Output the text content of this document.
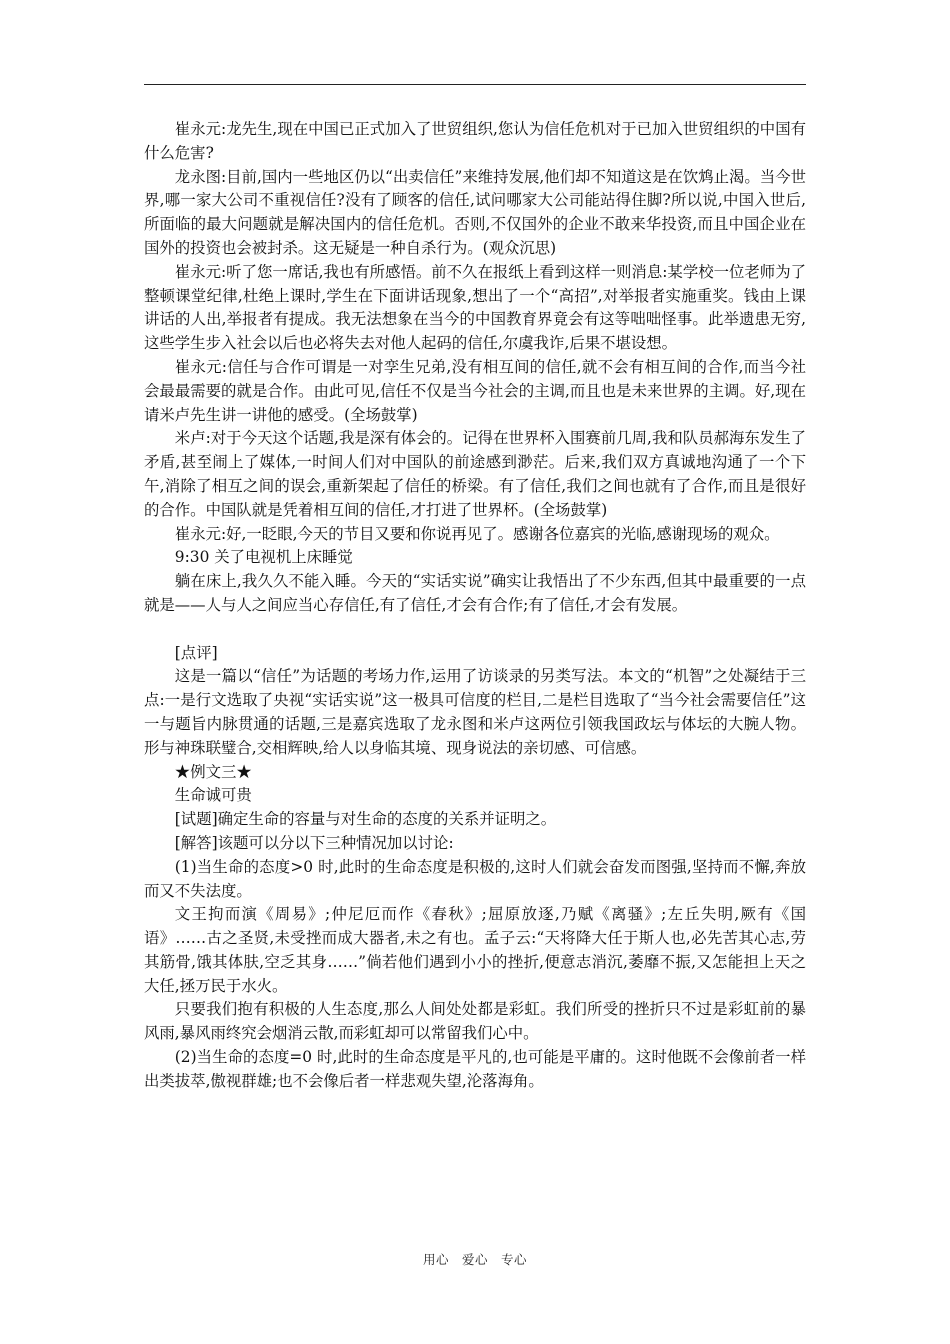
崔永元:龙先生,现在中国已正式加入了世贸组织,您认为信任危机对于已加入世贸组织的中国有什么危害?

龙永图:目前,国内一些地区仍以“出卖信任”来维持发展,他们却不知道这是在饮鸩止渴。当今世界,哪一家大公司不重视信任?没有了顾客的信任,试问哪家大公司能站得住脚?所以说,中国入世后,所面临的最大问题就是解决国内的信任危机。否则,不仅国外的企业不敢来华投资,而且中国企业在国外的投资也会被封杀。这无疑是一种自杀行为。(观众沉思)

崔永元:听了您一席话,我也有所感悟。前不久在报纸上看到这样一则消息:某学校一位老师为了整顿课堂纪律,杜绝上课时,学生在下面讲话现象,想出了一个“高招”,对举报者实施重奖。钱由上课讲话的人出,举报者有提成。我无法想象在当今的中国教育界竟会有这等咄咄怪事。此举遗患无穷,这些学生步入社会以后也必将失去对他人起码的信任,尔虞我诈,后果不堪设想。

崔永元:信任与合作可谓是一对孪生兄弟,没有相互间的信任,就不会有相互间的合作,而当今社会最最需要的就是合作。由此可见,信任不仅是当今社会的主调,而且也是未来世界的主调。好,现在请米卢先生讲一讲他的感受。(全场鼓掌)

米卢:对于今天这个话题,我是深有体会的。记得在世界杯入围赛前几周,我和队员郝海东发生了矛盾,甚至闹上了媒体,一时间人们对中国队的前途感到渺茫。后来,我们双方真诚地沟通了一个下午,消除了相互之间的误会,重新架起了信任的桥梁。有了信任,我们之间也就有了合作,而且是很好的合作。中国队就是凭着相互间的信任,才打进了世界杯。(全场鼓掌)

崔永元:好,一眨眼,今天的节目又要和你说再见了。感谢各位嘉宾的光临,感谢现场的观众。

9:30 关了电视机上床睡觉

躺在床上,我久久不能入睡。今天的“实话实说”确实让我悟出了不少东西,但其中最重要的一点就是——人与人之间应当心存信任,有了信任,才会有合作;有了信任,才会有发展。

[点评]

这是一篇以“信任”为话题的考场力作,运用了访谈录的另类写法。本文的“机智”之处凝结于三点:一是行文选取了央视“实话实说”这一极具可信度的栏目,二是栏目选取了“当今社会需要信任”这一与题旨内脉贯通的话题,三是嘉宾选取了龙永图和米卢这两位引领我国政坛与体坛的大腕人物。形与神珠联璧合,交相辉映,给人以身临其境、现身说法的亲切感、可信感。

★例文三★

生命诚可贵

[试题]确定生命的容量与对生命的态度的关系并证明之。

[解答]该题可以分以下三种情况加以讨论:

(1)当生命的态度>0 时,此时的生命态度是积极的,这时人们就会奋发而图强,坚持而不懈,奔放而又不失法度。

文王拘而演《周易》;仲尼厄而作《春秋》;屈原放逐,乃赋《离骚》;左丘失明,厥有《国语》……古之圣贤,未受挫而成大器者,未之有也。孟子云:“天将降大任于斯人也,必先苦其心志,劳其筋骨,饿其体肤,空乏其身……”倘若他们遇到小小的挫折,便意志消沉,萎靡不振,又怎能担上天之大任,拯万民于水火。

只要我们抱有积极的人生态度,那么人间处处都是彩虹。我们所受的挫折只不过是彩虹前的暴风雨,暴风雨终究会烟消云散,而彩虹却可以常留我们心中。

(2)当生命的态度=0 时,此时的生命态度是平凡的,也可能是平庸的。这时他既不会像前者一样出类拔萃,傲视群雄;也不会像后者一样悲观失望,沦落海角。

用心　爱心　专心
